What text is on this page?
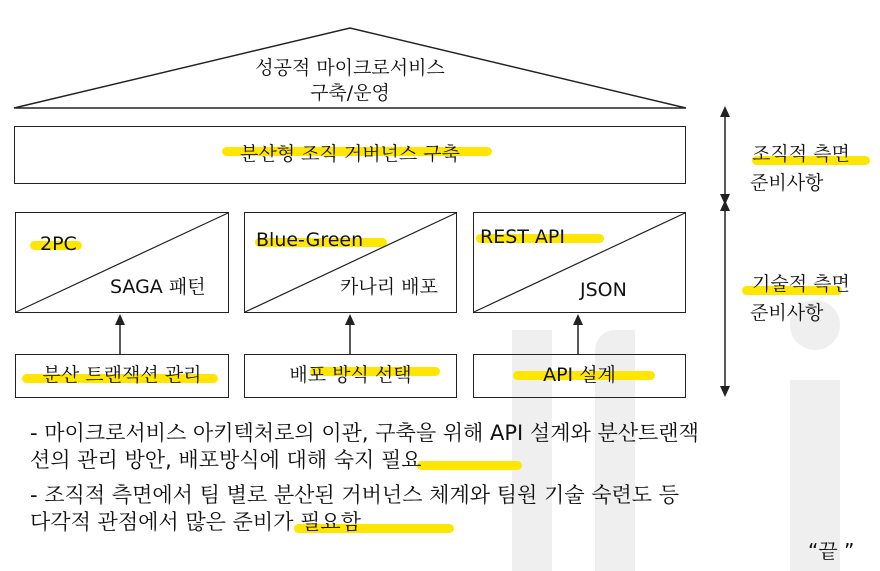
성공적 마이크로서비스
구축/운영
분산형 조직 거버넌스 구축
2PC
SAGA 패턴
Blue-Green
카나리 배포
REST API
JSON
분산 트랜잭션 관리	배포 방식 선택	API 설계
조직적 측면
준비사항
기술적 측면
준비사항
- 마이크로서비스 아키텍처로의 이관, 구축을 위해 API 설계와 분산트랜잭
션의 관리 방안, 배포방식에 대해 숙지 필요
- 조직적 측면에서 팀 별로 분산된 거버넌스 체계와 팀원 기술 숙련도 등
다각적 관점에서 많은 준비가 필요함
“끝 ”
